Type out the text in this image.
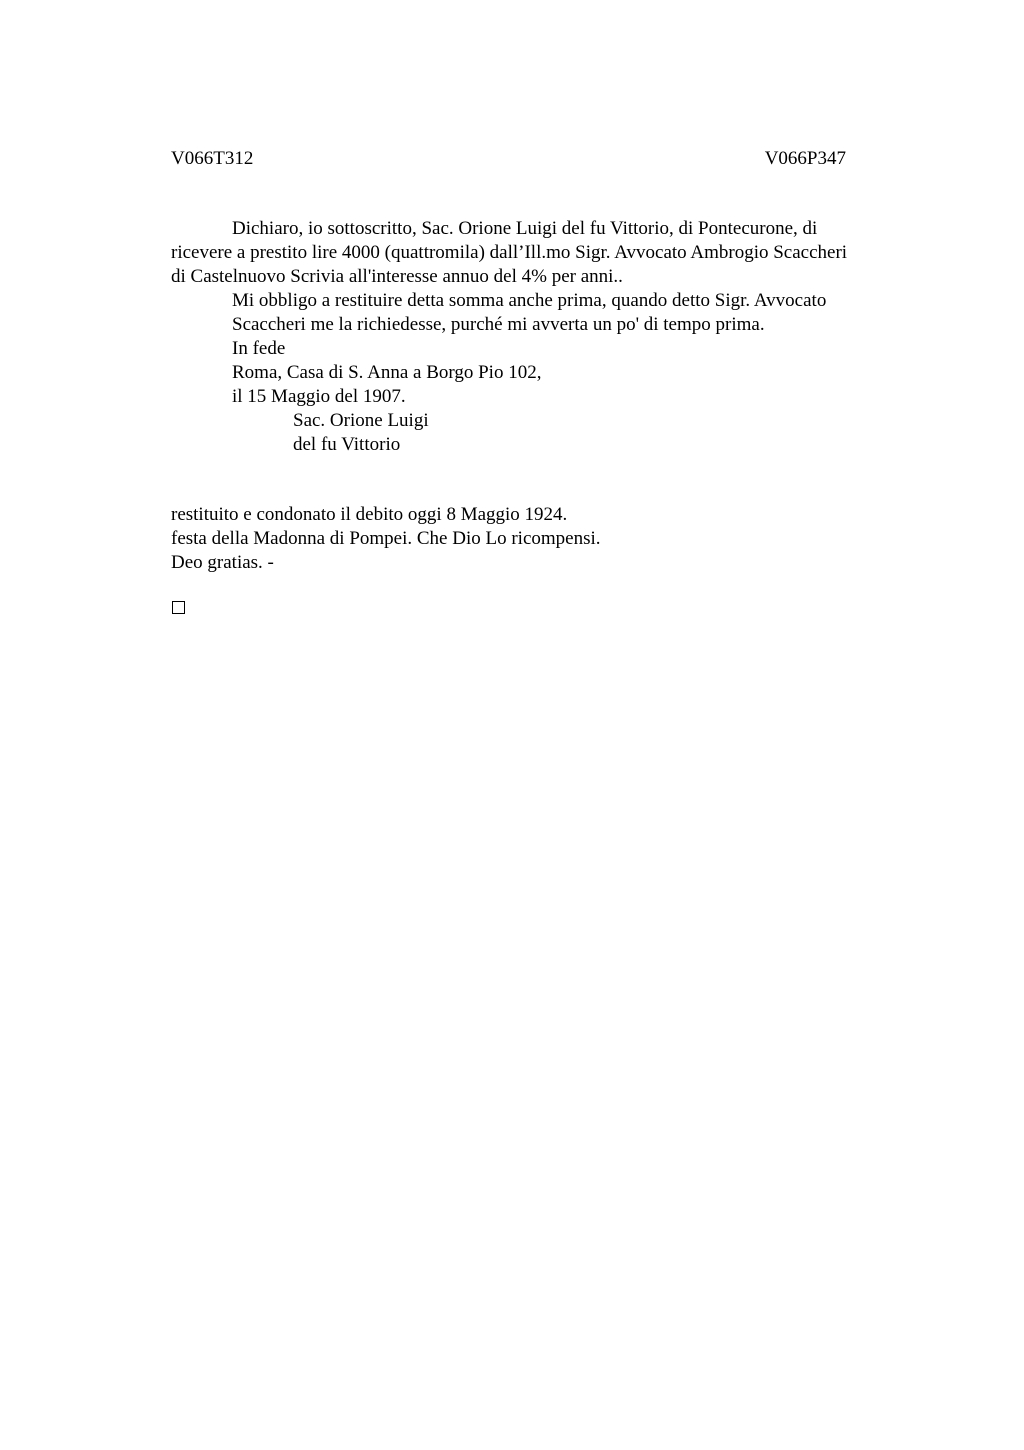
V066T312	V066P347
Dichiaro, io sottoscritto, Sac. Orione Luigi del fu Vittorio, di Pontecurone, di
ricevere a prestito lire 4000 (quattromila) dall’Ill.mo Sigr. Avvocato Ambrogio Scaccheri
di Castelnuovo Scrivia all'interesse annuo del 4% per anni..
Mi obbligo a restituire detta somma anche prima, quando detto Sigr. Avvocato
Scaccheri me la richiedesse, purché mi avverta un po' di tempo prima.
In fede
Roma, Casa di S. Anna a Borgo Pio 102,
il 15 Maggio del 1907.
Sac. Orione Luigi
del fu Vittorio
restituito e condonato il debito oggi 8 Maggio 1924.
festa della Madonna di Pompei. Che Dio Lo ricompensi.
Deo gratias. -
